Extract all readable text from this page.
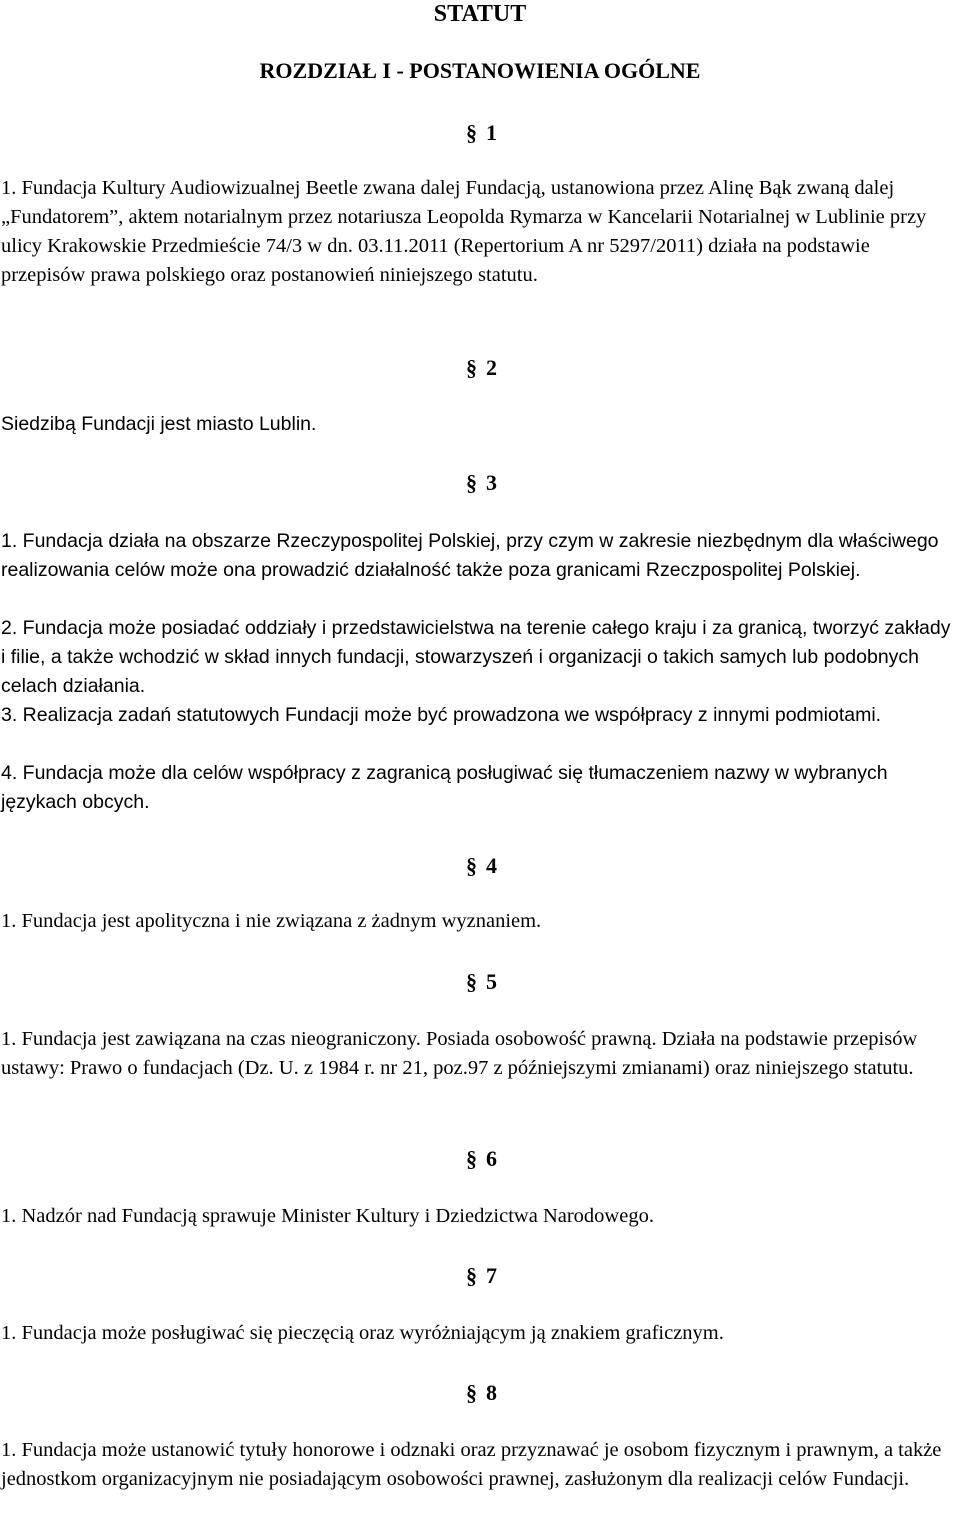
STATUT
ROZDZIAŁ I - POSTANOWIENIA OGÓLNE
§ 1

1. Fundacja Kultury Audiowizualnej Beetle zwana dalej Fundacją, ustanowiona przez Alinę Bąk zwaną dalej „Fundatorem”, aktem notarialnym przez notariusza Leopolda Rymarza w Kancelarii Notarialnej w Lublinie przy ulicy Krakowskie Przedmieście 74/3 w dn. 03.11.2011 (Repertorium A nr 5297/2011) działa na podstawie przepisów prawa polskiego oraz postanowień niniejszego statutu.

§ 2

Siedzibą Fundacji jest miasto Lublin.

§ 3

1. Fundacja działa na obszarze Rzeczypospolitej Polskiej, przy czym w zakresie niezbędnym dla właściwego realizowania celów może ona prowadzić działalność także poza granicami Rzeczpospolitej Polskiej.

2. Fundacja może posiadać oddziały i przedstawicielstwa na terenie całego kraju i za granicą, tworzyć zakłady i filie, a także wchodzić w skład innych fundacji, stowarzyszeń i organizacji o takich samych lub podobnych celach działania.

3. Realizacja zadań statutowych Fundacji może być prowadzona we współpracy z innymi podmiotami.

4. Fundacja może dla celów współpracy z zagranicą posługiwać się tłumaczeniem nazwy w wybranych językach obcych.

§ 4

1. Fundacja jest apolityczna i nie związana z żadnym wyznaniem.

§ 5

1. Fundacja jest zawiązana na czas nieograniczony. Posiada osobowość prawną. Działa na podstawie przepisów ustawy: Prawo o fundacjach (Dz. U. z 1984 r. nr 21, poz.97 z późniejszymi zmianami) oraz niniejszego statutu.

§ 6

1. Nadzór nad Fundacją sprawuje Minister Kultury i Dziedzictwa Narodowego.

§ 7

1. Fundacja może posługiwać się pieczęcią oraz wyróżniającym ją znakiem graficznym.

§ 8

1. Fundacja może ustanowić tytuły honorowe i odznaki oraz przyznawać je osobom fizycznym i prawnym, a także jednostkom organizacyjnym nie posiadającym osobowości prawnej, zasłużonym dla realizacji celów Fundacji.
